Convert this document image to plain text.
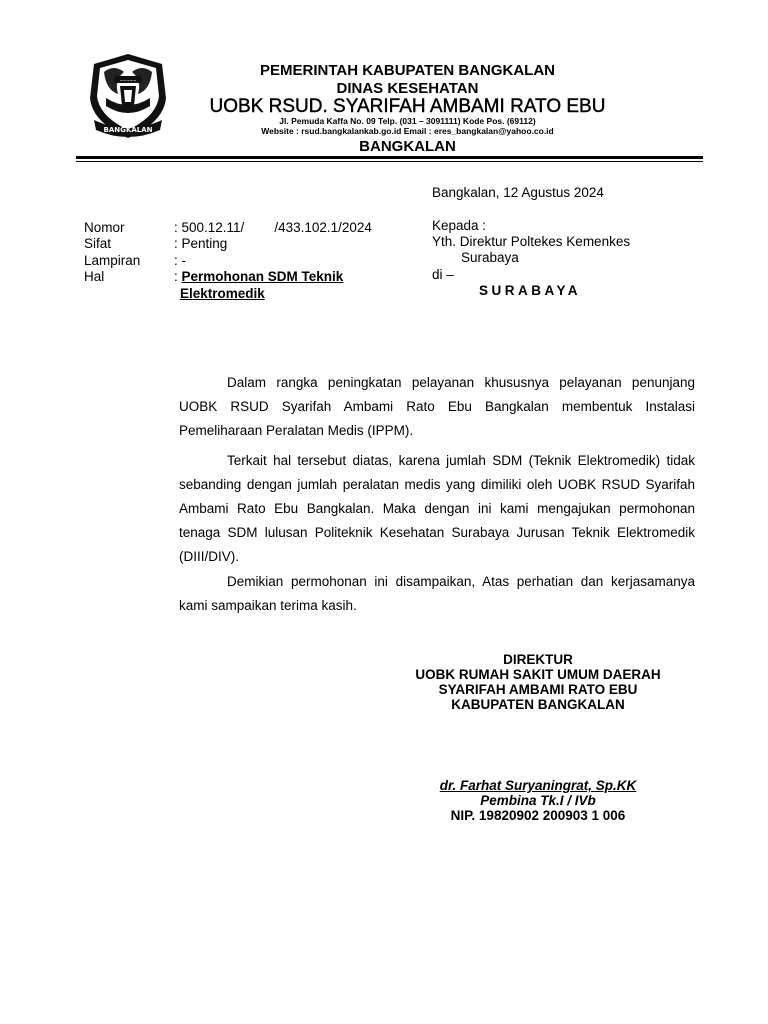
~~~~~
BANGKALAN
PEMERINTAH KABUPATEN BANGKALAN
DINAS KESEHATAN
UOBK RSUD. SYARIFAH AMBAMI RATO EBU
Jl. Pemuda Kaffa No. 09 Telp. (031 – 3091111) Kode Pos. (69112)
Website : rsud.bangkalankab.go.id Email : eres_bangkalan@yahoo.co.id
BANGKALAN
Bangkalan, 12 Agustus 2024
Nomor	: 500.12.11/        /433.102.1/2024
Sifat	: Penting
Lampiran : -
Hal	: Permohonan SDM Teknik
Elektromedik
Kepada :
Yth. Direktur Poltekes Kemenkes
Surabaya
di –
SURABAYA
Dalam rangka peningkatan pelayanan khususnya pelayanan penunjang UOBK RSUD Syarifah Ambami Rato Ebu Bangkalan membentuk Instalasi Pemeliharaan Peralatan Medis (IPPM).
Terkait hal tersebut diatas, karena jumlah SDM (Teknik Elektromedik) tidak sebanding dengan jumlah peralatan medis yang dimiliki oleh UOBK RSUD Syarifah Ambami Rato Ebu Bangkalan. Maka dengan ini kami mengajukan permohonan tenaga SDM lulusan Politeknik Kesehatan Surabaya Jurusan Teknik Elektromedik (DIII/DIV).
Demikian permohonan ini disampaikan, Atas perhatian dan kerjasamanya kami sampaikan terima kasih.
DIREKTUR
UOBK RUMAH SAKIT UMUM DAERAH
SYARIFAH AMBAMI RATO EBU
KABUPATEN BANGKALAN
dr. Farhat Suryaningrat, Sp.KK
Pembina Tk.I / IVb
NIP. 19820902 200903 1 006
